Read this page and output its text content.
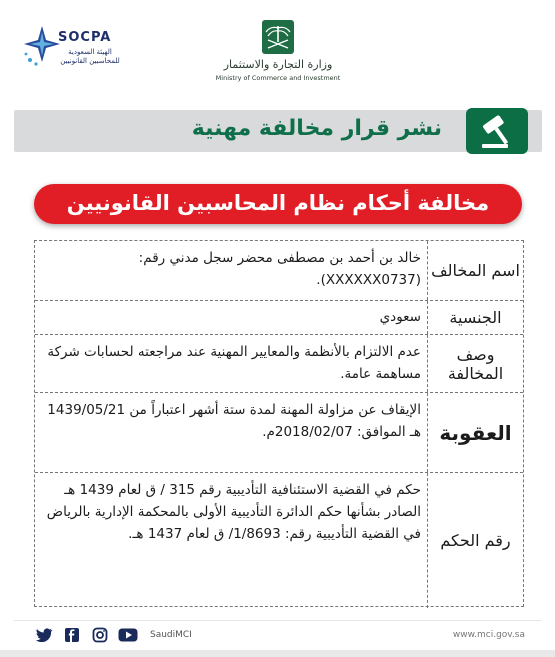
SOCPA
الهيئة السعودية للمحاسبين القانونيين	وزارة التجارة والاستثمار
Ministry of Commerce and Investment
نشر قرار مخالفة مهنية
مخالفة أحكام نظام المحاسبين القانونيين
اسم المخالف
خالد بن أحمد بن مصطفى محضر سجل مدني رقم: (XXXXXX0737).
الجنسية
سعودي
وصف المخالفة
عدم الالتزام بالأنظمة والمعايير المهنية عند مراجعته لحسابات شركة مساهمة عامة.
العقوبة
الإيقاف عن مزاولة المهنة لمدة ستة أشهر اعتباراً من 1439/05/21 هـ الموافق: 2018/02/07م.
رقم الحكم
حكم في القضية الاستئنافية التأديبية رقم 315 / ق لعام 1439 هـ الصادر بشأنها حكم الدائرة التأديبية الأولى بالمحكمة الإدارية بالرياض في القضية التأديبية رقم: 1/8693/ ق لعام 1437 هـ.
SaudiMCI	www.mci.gov.sa
